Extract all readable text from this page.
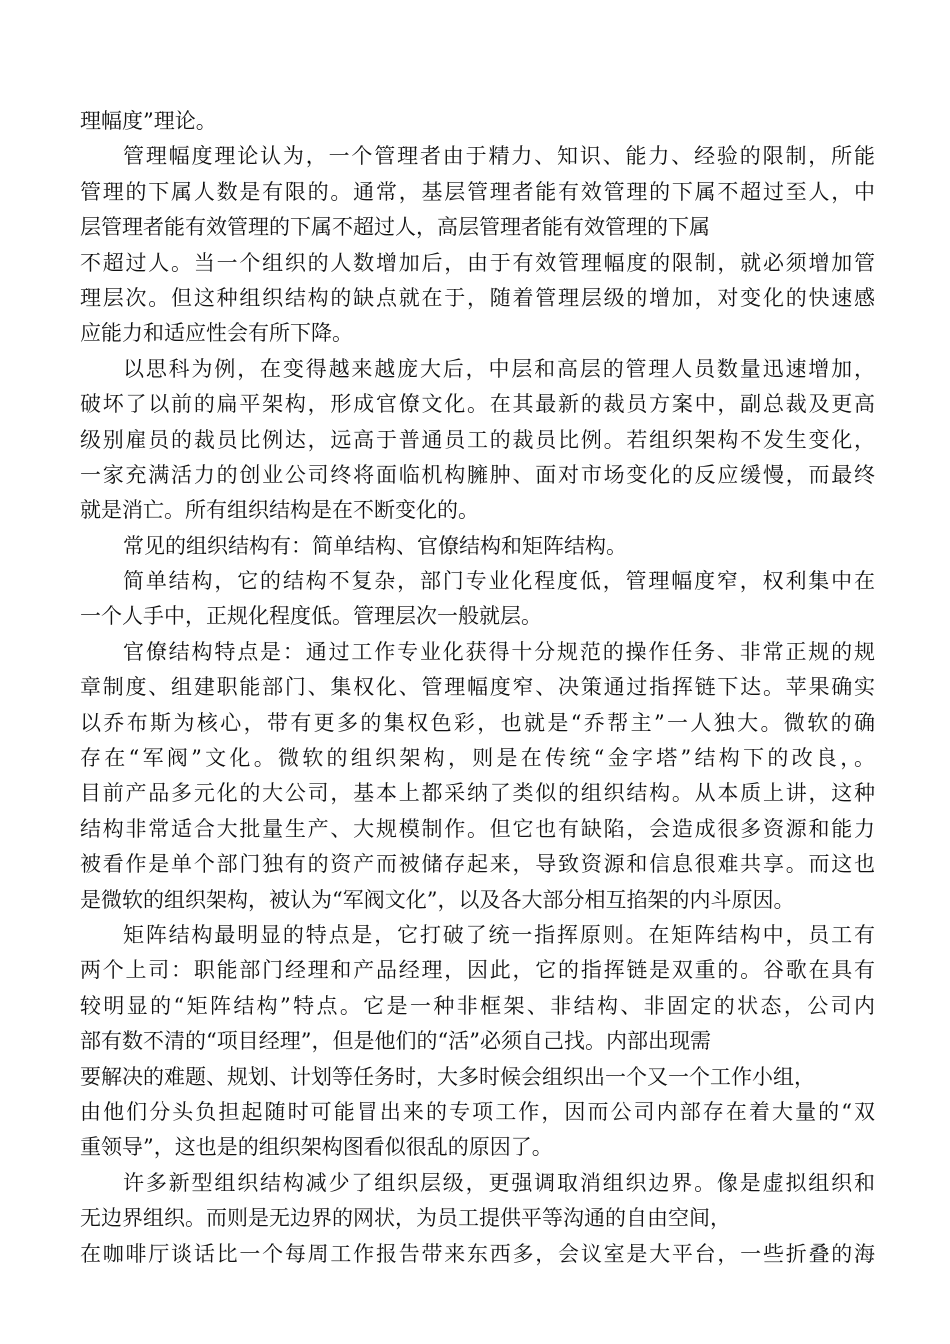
理幅度”理论。
管理幅度理论认为，一个管理者由于精力、知识、能力、经验的限制，所能
管理的下属人数是有限的。通常，基层管理者能有效管理的下属不超过至人，中
层管理者能有效管理的下属不超过人，高层管理者能有效管理的下属
不超过人。当一个组织的人数增加后，由于有效管理幅度的限制，就必须增加管
理层次。但这种组织结构的缺点就在于，随着管理层级的增加，对变化的快速感
应能力和适应性会有所下降。
以思科为例，在变得越来越庞大后，中层和高层的管理人员数量迅速增加，
破坏了以前的扁平架构，形成官僚文化。在其最新的裁员方案中，副总裁及更高
级别雇员的裁员比例达，远高于普通员工的裁员比例。若组织架构不发生变化，
一家充满活力的创业公司终将面临机构臃肿、面对市场变化的反应缓慢，而最终
就是消亡。所有组织结构是在不断变化的。
常见的组织结构有：简单结构、官僚结构和矩阵结构。
简单结构，它的结构不复杂，部门专业化程度低，管理幅度窄，权利集中在
一个人手中，正规化程度低。管理层次一般就层。
官僚结构特点是：通过工作专业化获得十分规范的操作任务、非常正规的规
章制度、组建职能部门、集权化、管理幅度窄、决策通过指挥链下达。苹果确实
以乔布斯为核心，带有更多的集权色彩，也就是“乔帮主”一人独大。微软的确
存在“军阀”文化。微软的组织架构，则是在传统“金字塔”结构下的改良，。
目前产品多元化的大公司，基本上都采纳了类似的组织结构。从本质上讲，这种
结构非常适合大批量生产、大规模制作。但它也有缺陷，会造成很多资源和能力
被看作是单个部门独有的资产而被储存起来，导致资源和信息很难共享。而这也
是微软的组织架构，被认为“军阀文化”，以及各大部分相互掐架的内斗原因。
矩阵结构最明显的特点是，它打破了统一指挥原则。在矩阵结构中，员工有
两个上司：职能部门经理和产品经理，因此，它的指挥链是双重的。谷歌在具有
较明显的“矩阵结构”特点。它是一种非框架、非结构、非固定的状态，公司内
部有数不清的“项目经理”，但是他们的“活”必须自己找。内部出现需
要解决的难题、规划、计划等任务时，大多时候会组织出一个又一个工作小组，
由他们分头负担起随时可能冒出来的专项工作，因而公司内部存在着大量的“双
重领导”，这也是的组织架构图看似很乱的原因了。
许多新型组织结构减少了组织层级，更强调取消组织边界。像是虚拟组织和
无边界组织。而则是无边界的网状，为员工提供平等沟通的自由空间，
在咖啡厅谈话比一个每周工作报告带来东西多，会议室是大平台，一些折叠的海
